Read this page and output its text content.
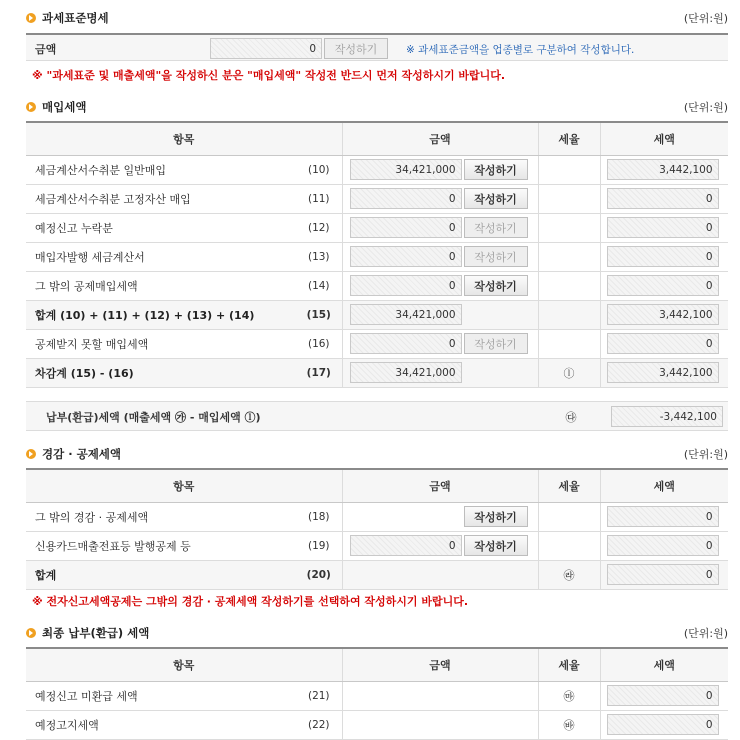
과세표준명세	(단위:원)
금액	0	작성하기	※ 과세표준금액을 업종별로 구분하여 작성합니다.
※ "과세표준 및 매출세액"을 작성하신 분은 "매입세액" 작성전 반드시 먼저 작성하시기 바랍니다.
매입세액	(단위:원)
항목		금액	세율	세액
세금계산서수취분 일반매입	(10)	34,421,000 작성하기		3,442,100

세금계산서수취분 고정자산 매입	(11)	0 작성하기		0

예정신고 누락분	(12)	0 작성하기		0

매입자발행 세금계산서	(13)	0 작성하기		0

그 밖의 공제매입세액	(14)	0 작성하기		0

합계 (10) + (11) + (12) + (13) + (14)	(15)	34,421,000		3,442,100

공제받지 못할 매입세액	(16)	0 작성하기		0

차감계 (15) - (16)	(17)	34,421,000	ⓛ	3,442,100
납부(환급)세액 (매출세액 ㉮ - 매입세액 ⓛ)	㉰	-3,442,100
경감 · 공제세액	(단위:원)
항목		금액	세율	세액
그 밖의 경감 · 공제세액	(18)	작성하기		0

신용카드매출전표등 발행공제 등	(19)	0 작성하기		0

합계	(20)		㉱	0
※ 전자신고세액공제는 그밖의 경감 · 공제세액 작성하기를 선택하여 작성하시기 바랍니다.
최종 납부(환급) 세액	(단위:원)
항목		금액	세율	세액
예정신고 미환급 세액	(21)		㉲	0

예정고지세액	(22)		㉳	0
